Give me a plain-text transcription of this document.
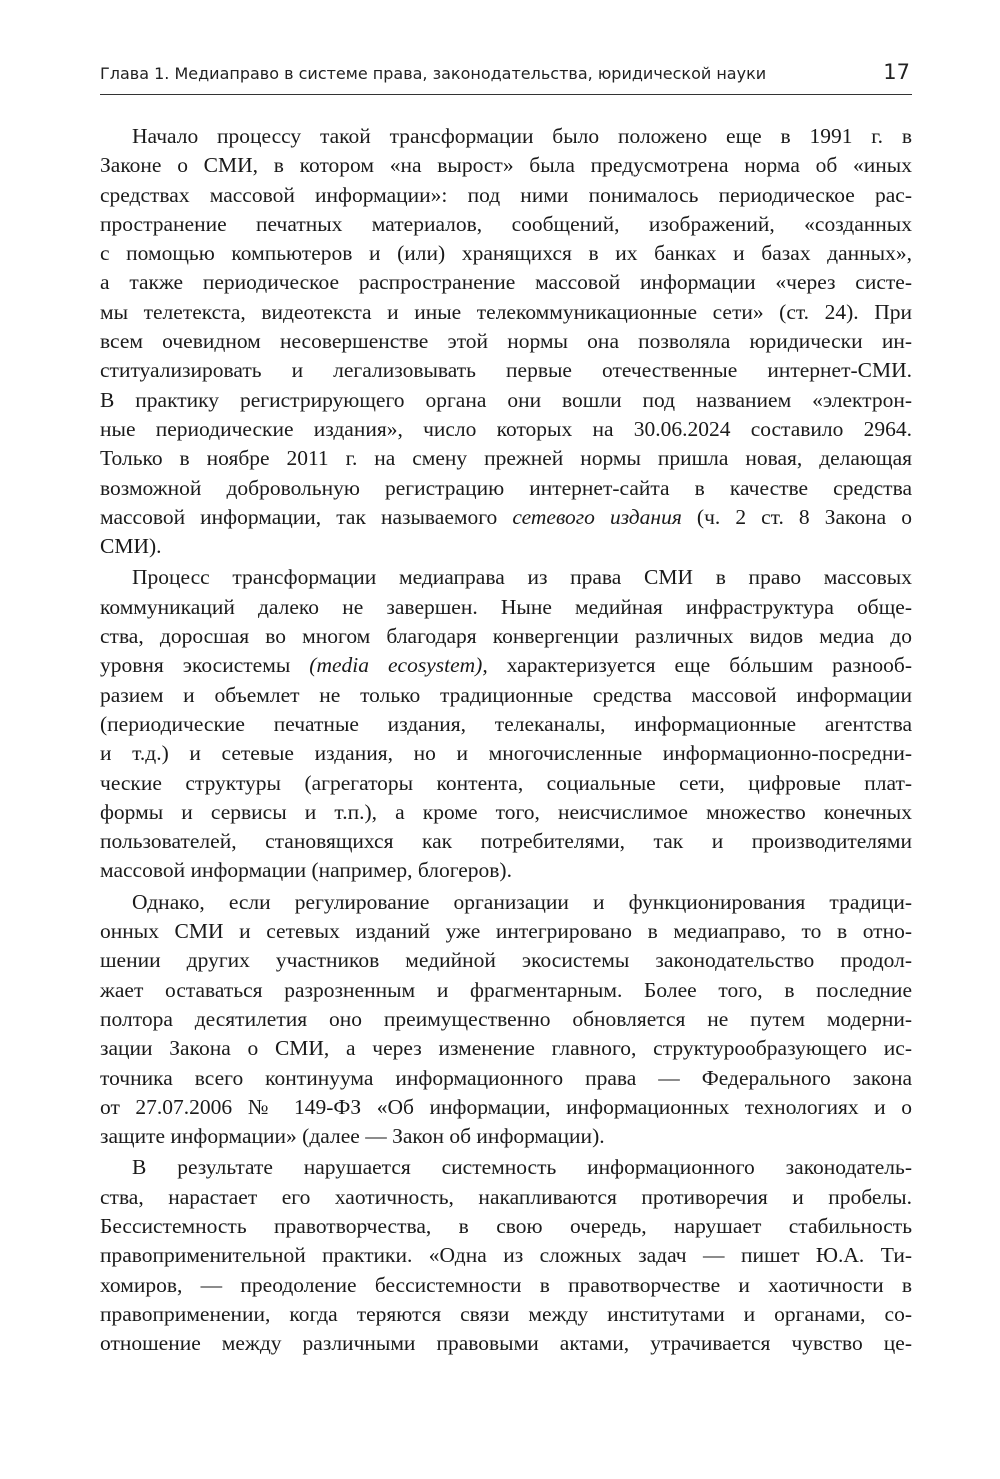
Глава 1. Медиаправо в системе права, законодательства, юридической науки	17
Начало процессу такой трансформации было положено еще в 1991 г. в
Законе о СМИ, в котором «на вырост» была предусмотрена норма об «иных
средствах массовой информации»: под ними понималось периодическое рас-
пространение печатных материалов, сообщений, изображений, «созданных
с помощью компьютеров и (или) хранящихся в их банках и базах данных»,
а также периодическое распространение массовой информации «через систе-
мы телетекста, видеотекста и иные телекоммуникационные сети» (ст. 24). При
всем очевидном несовершенстве этой нормы она позволяла юридически ин-
ституализировать и легализовывать первые отечественные интернет-СМИ.
В практику регистрирующего органа они вошли под названием «электрон-
ные периодические издания», число которых на 30.06.2024 составило 2964.
Только в ноябре 2011 г. на смену прежней нормы пришла новая, делающая
возможной добровольную регистрацию интернет-сайта в качестве средства
массовой информации, так называемого сетевого издания (ч. 2 ст. 8 Закона о
СМИ).
Процесс трансформации медиаправа из права СМИ в право массовых
коммуникаций далеко не завершен. Ныне медийная инфраструктура обще-
ства, доросшая во многом благодаря конвергенции различных видов медиа до
уровня экосистемы (media ecosystem), характеризуется еще бóльшим разнооб-
разием и объемлет не только традиционные средства массовой информации
(периодические печатные издания, телеканалы, информационные агентства
и т.д.) и сетевые издания, но и многочисленные информационно-посредни-
ческие структуры (агрегаторы контента, социальные сети, цифровые плат-
формы и сервисы и т.п.), а кроме того, неисчислимое множество конечных
пользователей, становящихся как потребителями, так и производителями
массовой информации (например, блогеров).
Однако, если регулирование организации и функционирования традици-
онных СМИ и сетевых изданий уже интегрировано в медиаправо, то в отно-
шении других участников медийной экосистемы законодательство продол-
жает оставаться разрозненным и фрагментарным. Более того, в последние
полтора десятилетия оно преимущественно обновляется не путем модерни-
зации Закона о СМИ, а через изменение главного, структурообразующего ис-
точника всего континуума информационного права — Федерального закона
от 27.07.2006 № 149-ФЗ «Об информации, информационных технологиях и о
защите информации» (далее — Закон об информации).
В результате нарушается системность информационного законодатель-
ства, нарастает его хаотичность, накапливаются противоречия и пробелы.
Бессистемность правотворчества, в свою очередь, нарушает стабильность
правоприменительной практики. «Одна из сложных задач — пишет Ю.А. Ти-
хомиров, — преодоление бессистемности в правотворчестве и хаотичности в
правоприменении, когда теряются связи между институтами и органами, со-
отношение между различными правовыми актами, утрачивается чувство це-
